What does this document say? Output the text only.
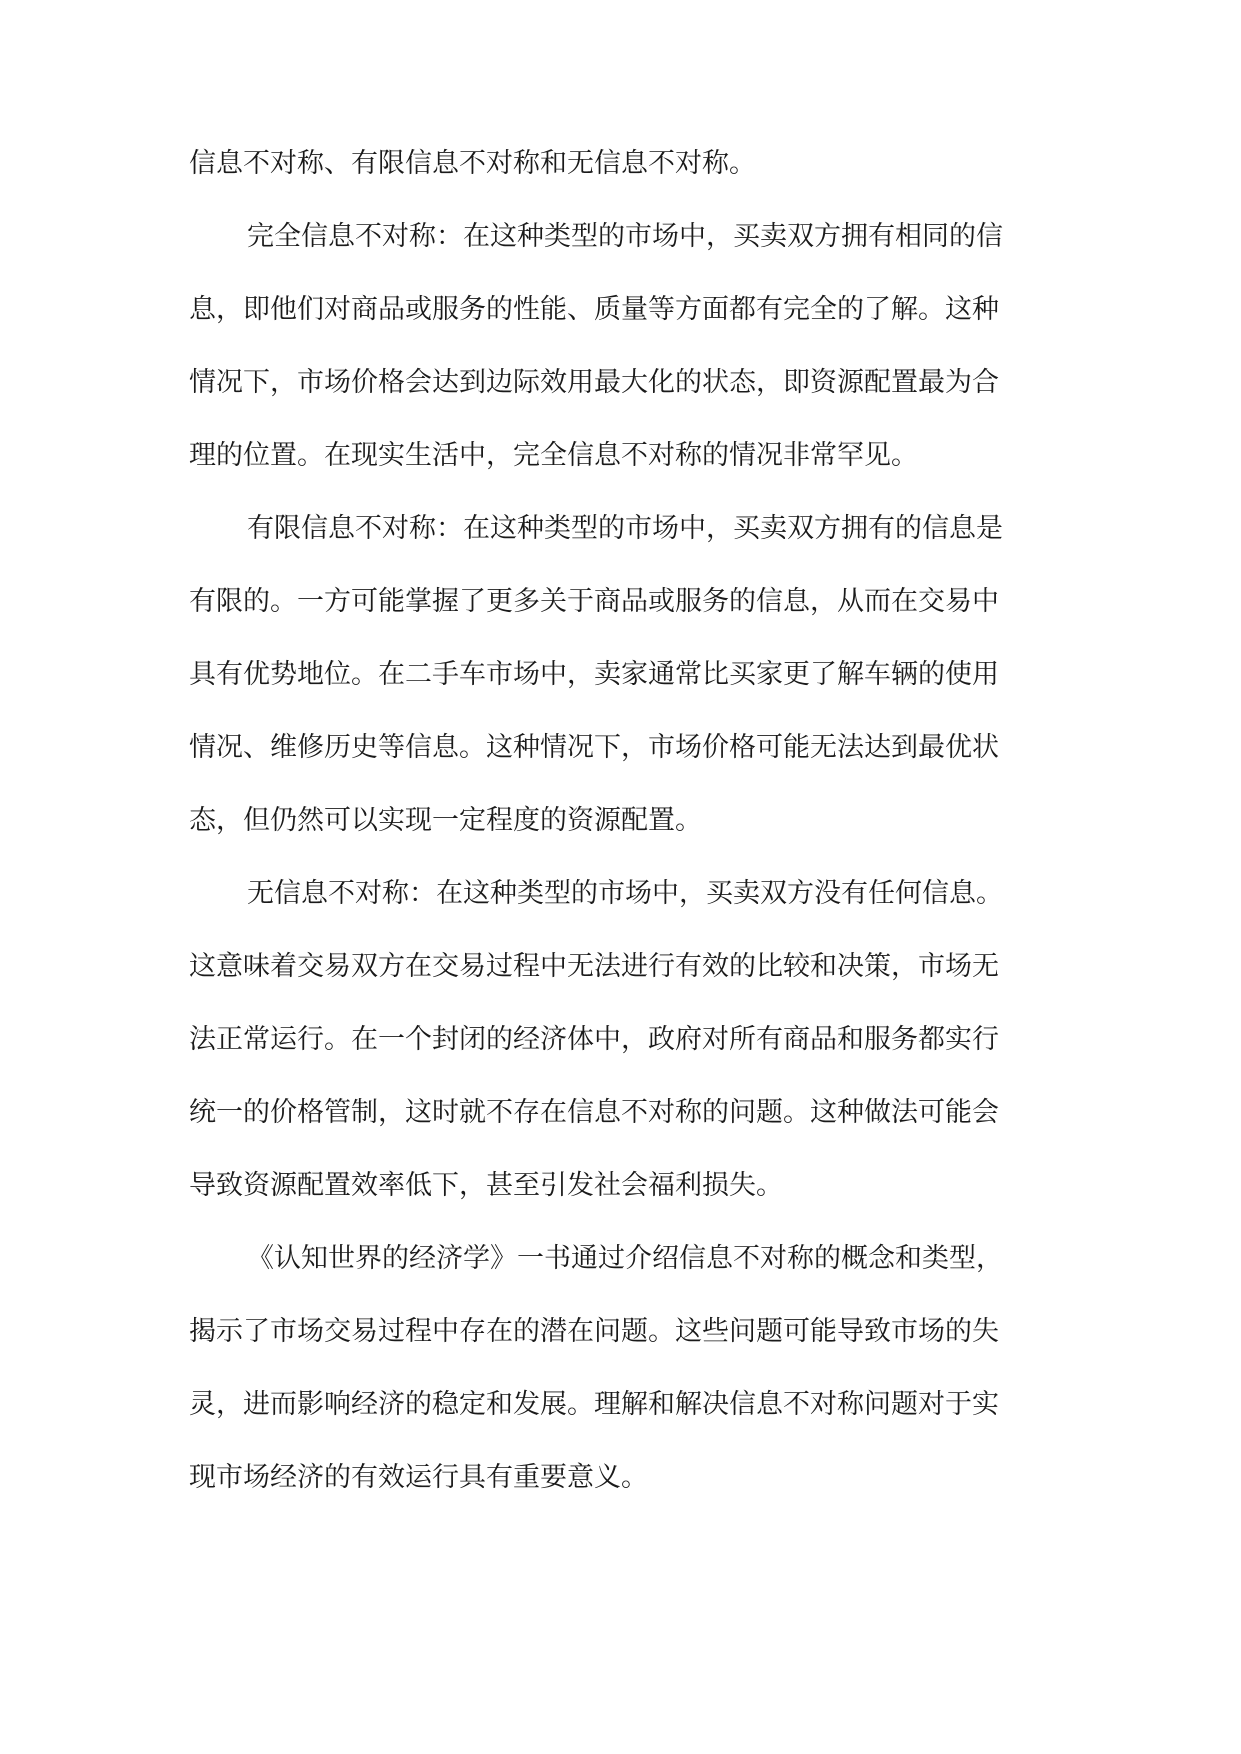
信息不对称、有限信息不对称和无信息不对称。
完全信息不对称：在这种类型的市场中，买卖双方拥有相同的信
息，即他们对商品或服务的性能、质量等方面都有完全的了解。这种
情况下，市场价格会达到边际效用最大化的状态，即资源配置最为合
理的位置。在现实生活中，完全信息不对称的情况非常罕见。
有限信息不对称：在这种类型的市场中，买卖双方拥有的信息是
有限的。一方可能掌握了更多关于商品或服务的信息，从而在交易中
具有优势地位。在二手车市场中，卖家通常比买家更了解车辆的使用
情况、维修历史等信息。这种情况下，市场价格可能无法达到最优状
态，但仍然可以实现一定程度的资源配置。
无信息不对称：在这种类型的市场中，买卖双方没有任何信息。
这意味着交易双方在交易过程中无法进行有效的比较和决策，市场无
法正常运行。在一个封闭的经济体中，政府对所有商品和服务都实行
统一的价格管制，这时就不存在信息不对称的问题。这种做法可能会
导致资源配置效率低下，甚至引发社会福利损失。
《认知世界的经济学》一书通过介绍信息不对称的概念和类型，
揭示了市场交易过程中存在的潜在问题。这些问题可能导致市场的失
灵，进而影响经济的稳定和发展。理解和解决信息不对称问题对于实
现市场经济的有效运行具有重要意义。
